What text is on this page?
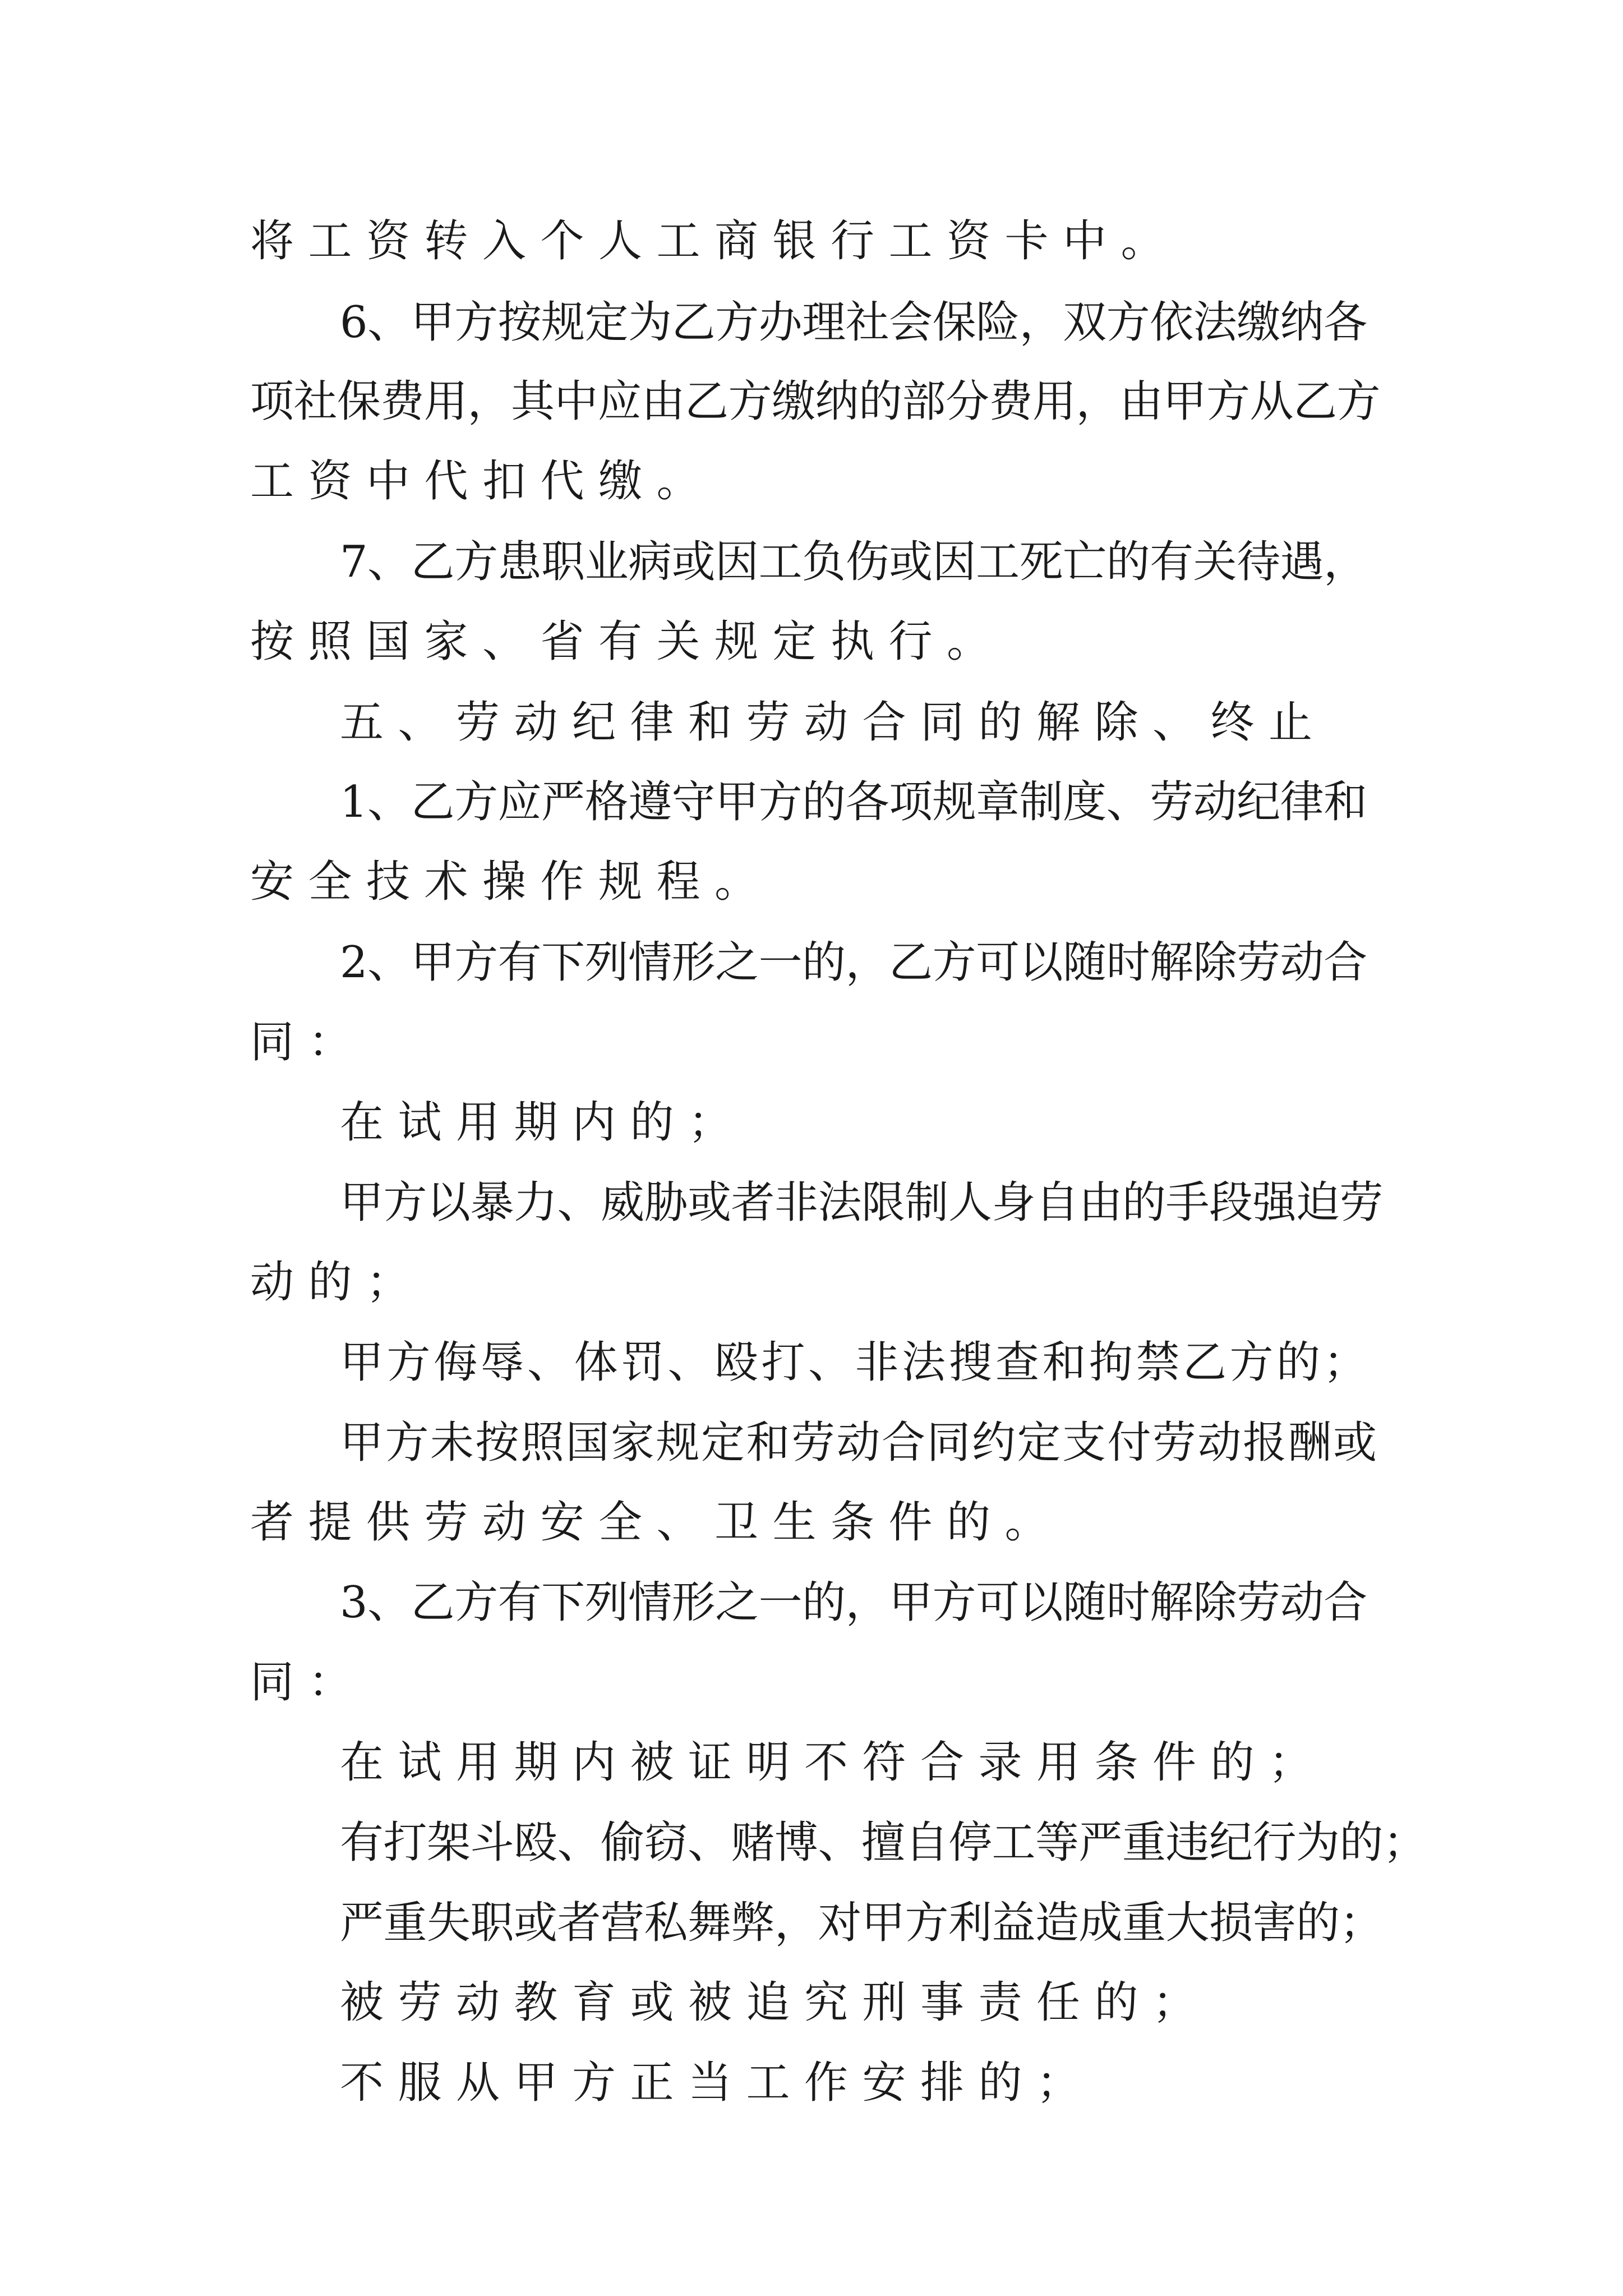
将工资转入个人工商银行工资卡中。
6、甲方按规定为乙方办理社会保险，双方依法缴纳各
项社保费用，其中应由乙方缴纳的部分费用，由甲方从乙方
工资中代扣代缴。
7、乙方患职业病或因工负伤或因工死亡的有关待遇，
按照国家、省有关规定执行。
五、劳动纪律和劳动合同的解除、终止
1、乙方应严格遵守甲方的各项规章制度、劳动纪律和
安全技术操作规程。
2、甲方有下列情形之一的，乙方可以随时解除劳动合
同：
在试用期内的；
甲方以暴力、威胁或者非法限制人身自由的手段强迫劳
动的；
甲方侮辱、体罚、殴打、非法搜查和拘禁乙方的；
甲方未按照国家规定和劳动合同约定支付劳动报酬或
者提供劳动安全、卫生条件的。
3、乙方有下列情形之一的，甲方可以随时解除劳动合
同：
在试用期内被证明不符合录用条件的；
有打架斗殴、偷窃、赌博、擅自停工等严重违纪行为的；
严重失职或者营私舞弊，对甲方利益造成重大损害的；
被劳动教育或被追究刑事责任的；
不服从甲方正当工作安排的；
